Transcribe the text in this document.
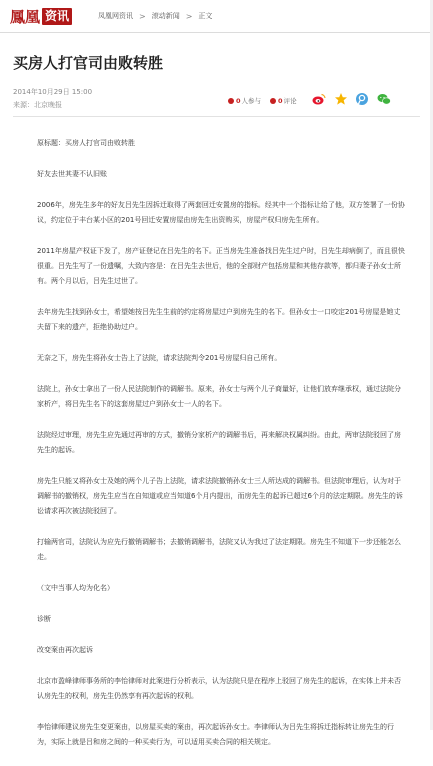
鳳凰 资讯	凤凰网资讯 > 滚动新闻 > 正文
买房人打官司由败转胜
2014年10月29日 15:00
来源：北京晚报
0 人参与	0 评论

原标题：买房人打官司由败转胜

好友去世其妻不认旧账

2006年，房先生多年的好友吕先生因拆迁取得了两套回迁安置房的指标。经其中一个指标让给了他，双方签署了一份协议，约定位于丰台某小区的201号回迁安置房屋由房先生出资购买，房屋产权归房先生所有。

2011年房屋产权证下发了，房产证登记在吕先生的名下。正当房先生准备找吕先生过户时，吕先生却病倒了，而且很快很重。吕先生写了一份遗嘱，大致内容是：在吕先生去世后，他的全部财产包括房屋和其他存款等，都归妻子孙女士所有。两个月以后，吕先生过世了。

去年房先生找到孙女士，希望她按吕先生生前的约定将房屋过户到房先生的名下。但孙女士一口咬定201号房屋是她丈夫留下来的遗产，拒绝协助过户。

无奈之下，房先生将孙女士告上了法院，请求法院判令201号房屋归自己所有。

法院上，孙女士拿出了一份人民法院制作的调解书。原来，孙女士与两个儿子商量好，让他们放弃继承权，通过法院分家析产，将吕先生名下的这套房屋过户到孙女士一人的名下。

法院经过审理，房先生应先通过再审的方式，撤销分家析产的调解书后，再来解决权属纠纷。由此，两审法院驳回了房先生的起诉。

房先生只能又将孙女士及她的两个儿子告上法院，请求法院撤销孙女士三人所达成的调解书。但法院审理后，认为对于调解书的撤销权，房先生应当在自知道或应当知道6个月内提出，而房先生的起诉已超过6个月的法定期限。房先生的诉讼请求再次被法院驳回了。

打输两官司，法院认为应先行撤销调解书；去撤销调解书，法院又认为我过了法定期限。房先生不知道下一步还能怎么走。

（文中当事人均为化名）

诊断

改变案由再次起诉

北京市盈峰律师事务所的李怡律师对此案进行分析表示，认为法院只是在程序上驳回了房先生的起诉，在实体上并未否认房先生的权利，房先生仍然享有再次起诉的权利。

李怡律师建议房先生变更案由，以房屋买卖的案由，再次起诉孙女士。李律师认为吕先生将拆迁指标转让房先生的行为，实际上就是吕和房之间的一种买卖行为，可以适用买卖合同的相关规定。
